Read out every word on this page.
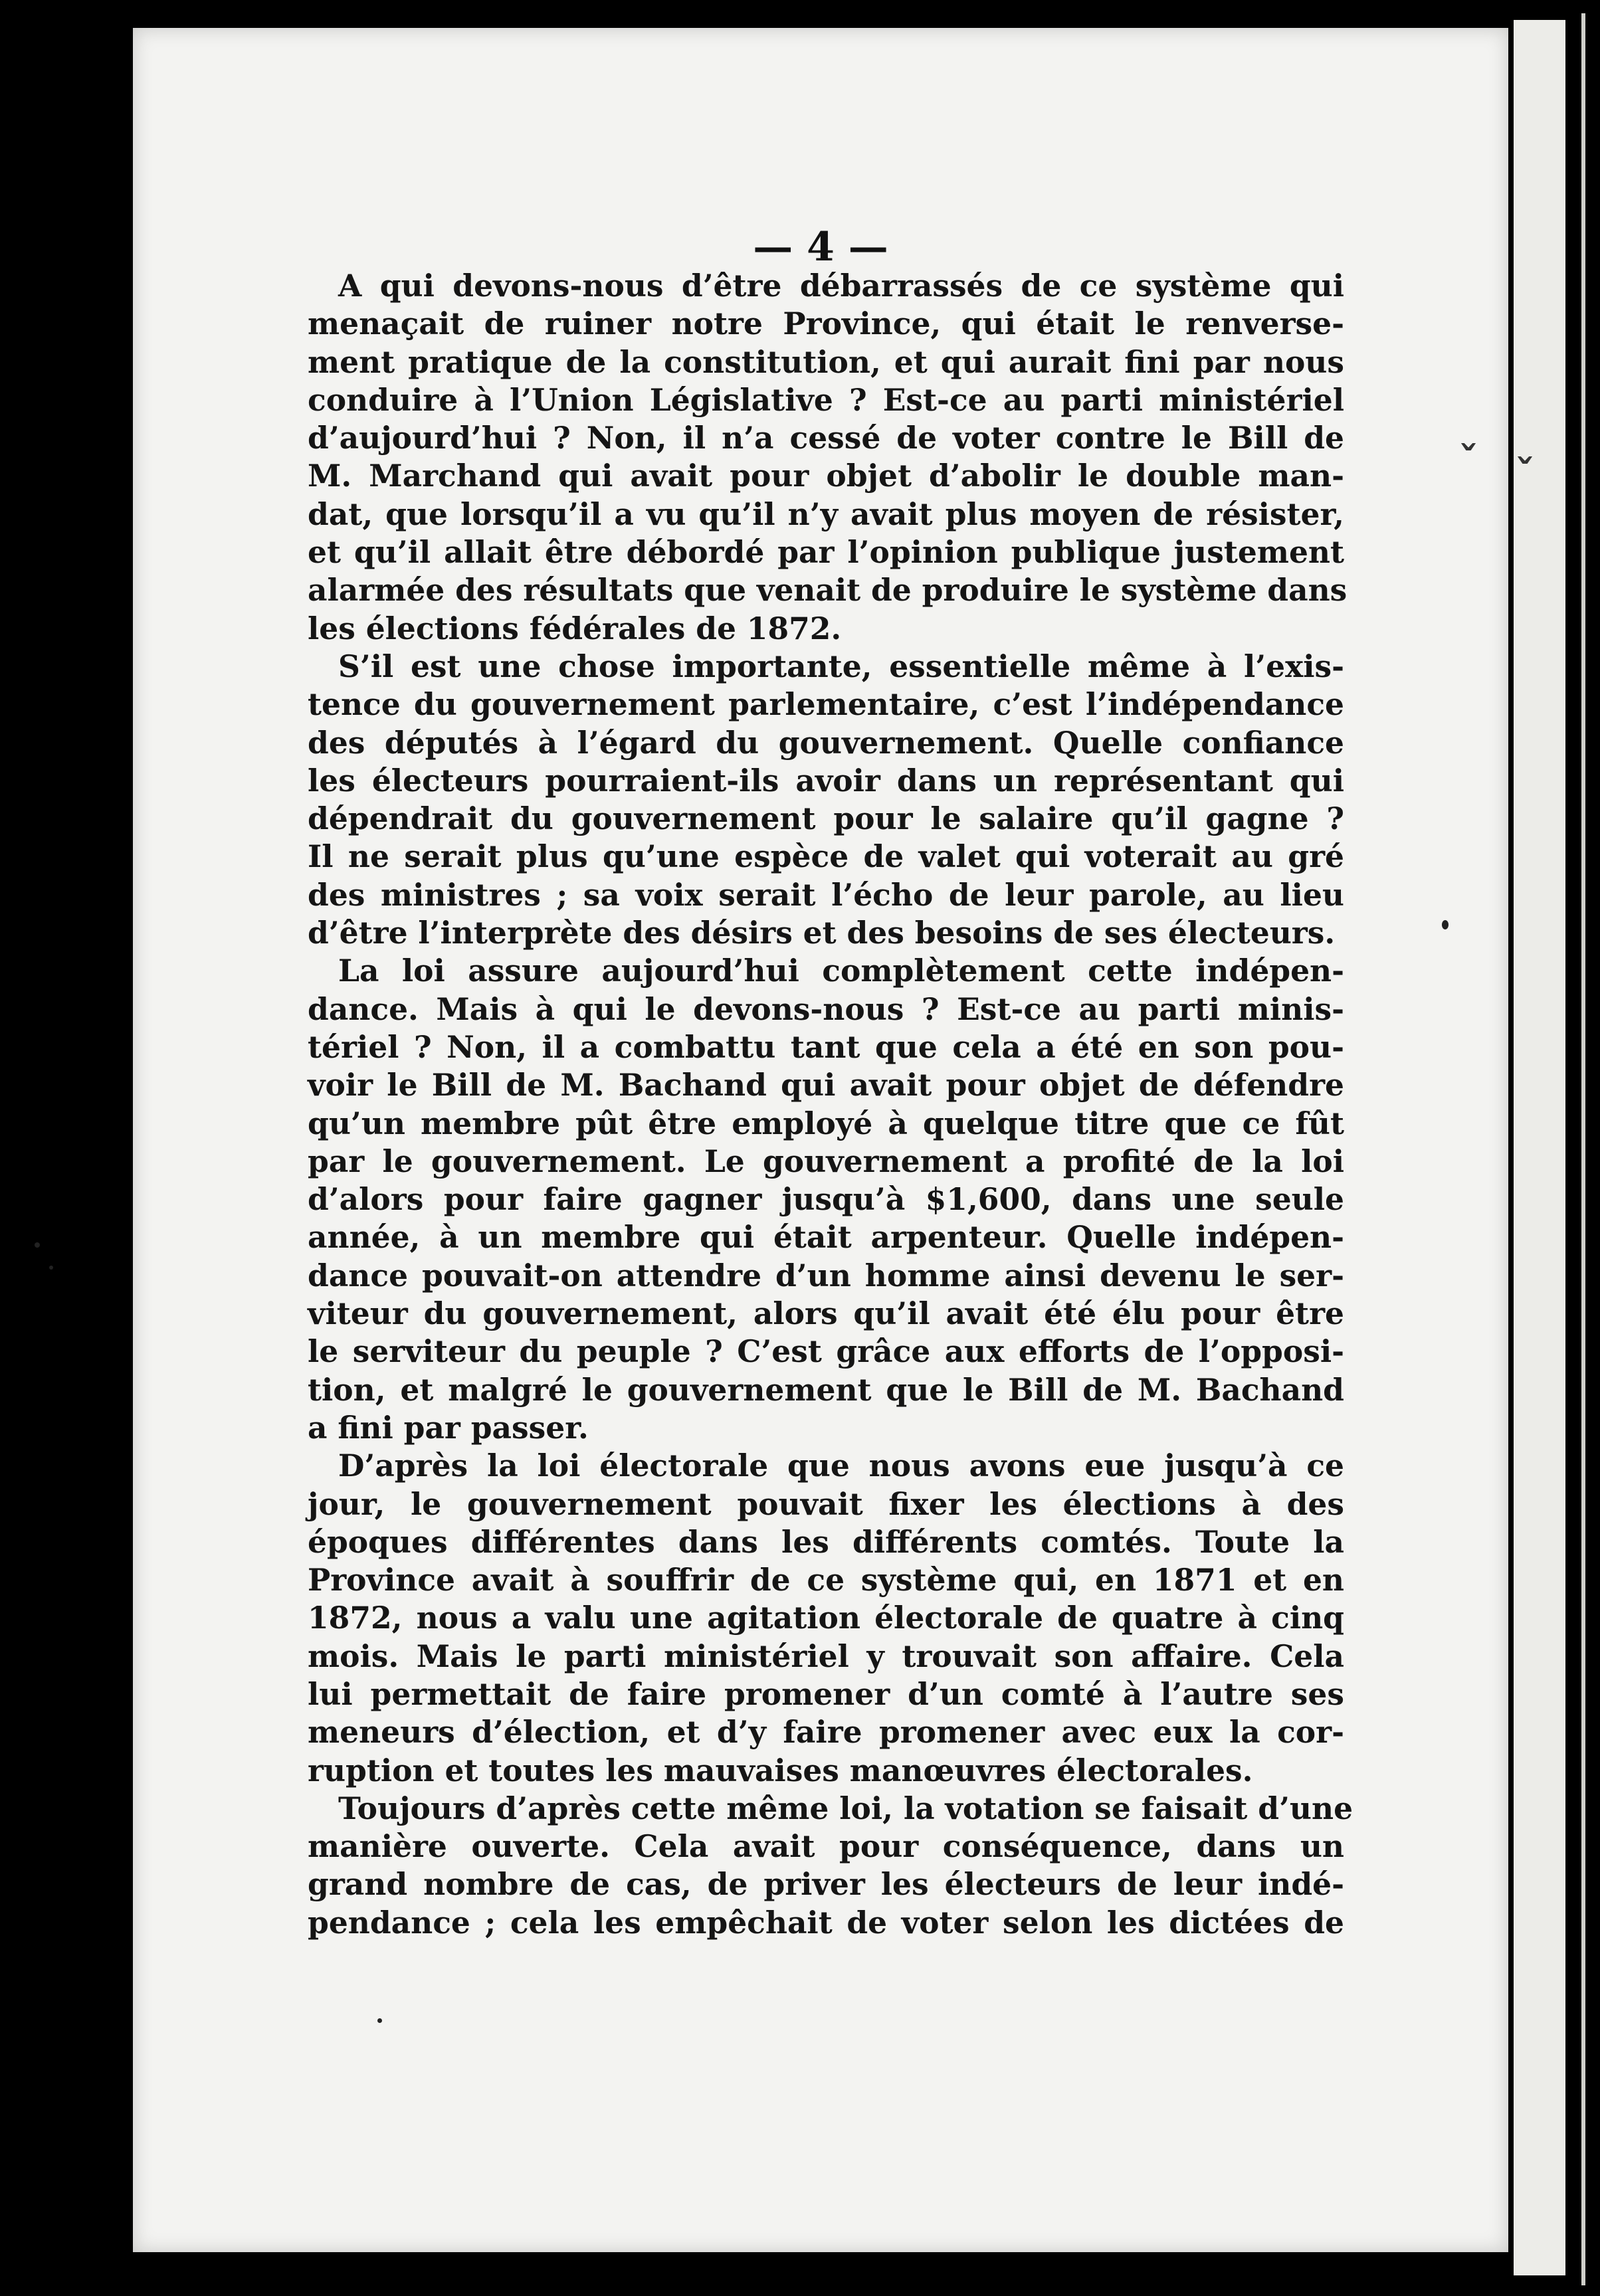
— 4 —
A qui devons-nous d’être débarrassés de ce système qui
menaçait de ruiner notre Province, qui était le renverse-
ment pratique de la constitution, et qui aurait fini par nous
conduire à l’Union Législative ? Est-ce au parti ministériel
d’aujourd’hui ? Non, il n’a cessé de voter contre le Bill de
M. Marchand qui avait pour objet d’abolir le double man-
dat, que lorsqu’il a vu qu’il n’y avait plus moyen de résister,
et qu’il allait être débordé par l’opinion publique justement
alarmée des résultats que venait de produire le système dans
les élections fédérales de 1872.
S’il est une chose importante, essentielle même à l’exis-
tence du gouvernement parlementaire, c’est l’indépendance
des députés à l’égard du gouvernement. Quelle confiance
les électeurs pourraient-ils avoir dans un représentant qui
dépendrait du gouvernement pour le salaire qu’il gagne ?
Il ne serait plus qu’une espèce de valet qui voterait au gré
des ministres ; sa voix serait l’écho de leur parole, au lieu
d’être l’interprète des désirs et des besoins de ses électeurs.
La loi assure aujourd’hui complètement cette indépen-
dance. Mais à qui le devons-nous ? Est-ce au parti minis-
tériel ? Non, il a combattu tant que cela a été en son pou-
voir le Bill de M. Bachand qui avait pour objet de défendre
qu’un membre pût être employé à quelque titre que ce fût
par le gouvernement. Le gouvernement a profité de la loi
d’alors pour faire gagner jusqu’à $1,600, dans une seule
année, à un membre qui était arpenteur. Quelle indépen-
dance pouvait-on attendre d’un homme ainsi devenu le ser-
viteur du gouvernement, alors qu’il avait été élu pour être
le serviteur du peuple ? C’est grâce aux efforts de l’opposi-
tion, et malgré le gouvernement que le Bill de M. Bachand
a fini par passer.
D’après la loi électorale que nous avons eue jusqu’à ce
jour, le gouvernement pouvait fixer les élections à des
époques différentes dans les différents comtés. Toute la
Province avait à souffrir de ce système qui, en 1871 et en
1872, nous a valu une agitation électorale de quatre à cinq
mois. Mais le parti ministériel y trouvait son affaire. Cela
lui permettait de faire promener d’un comté à l’autre ses
meneurs d’élection, et d’y faire promener avec eux la cor-
ruption et toutes les mauvaises manœuvres électorales.
Toujours d’après cette même loi, la votation se faisait d’une
manière ouverte. Cela avait pour conséquence, dans un
grand nombre de cas, de priver les électeurs de leur indé-
pendance ; cela les empêchait de voter selon les dictées de
ˇ ˇ
